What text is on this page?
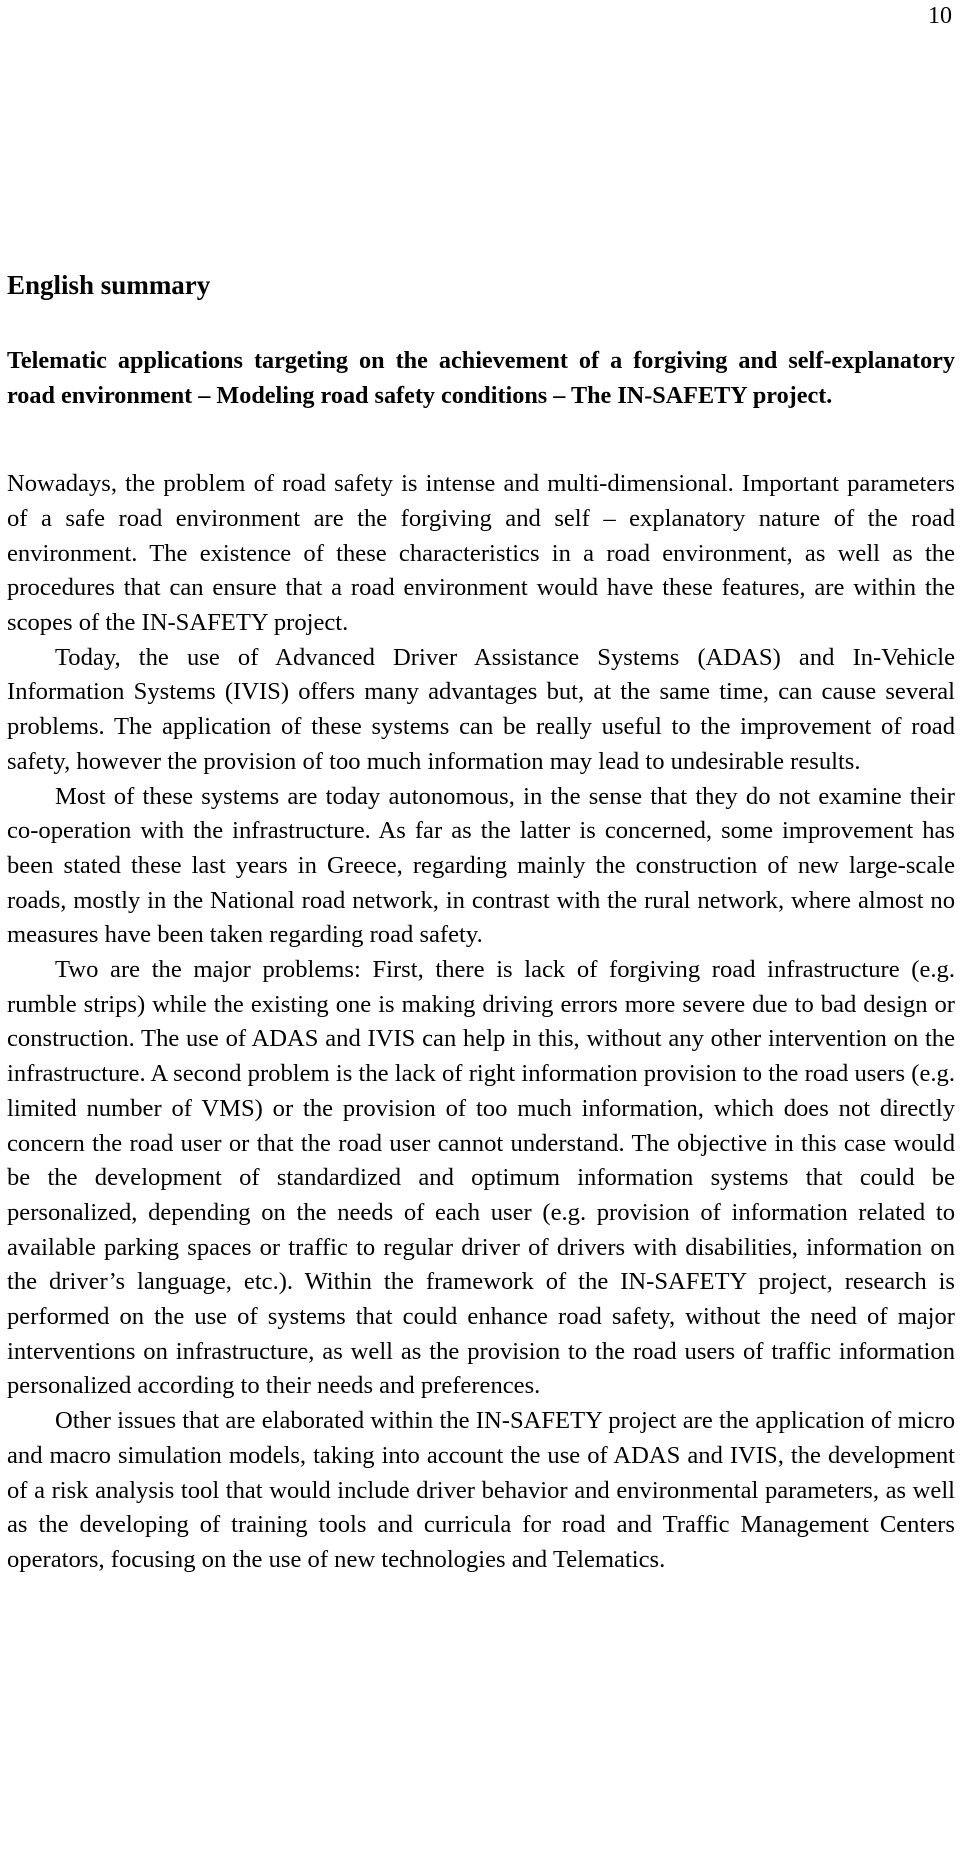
10
English summary
Telematic applications targeting on the achievement of a forgiving and self-explanatory road environment – Modeling road safety conditions – The IN-SAFETY project.

Nowadays, the problem of road safety is intense and multi-dimensional. Important parameters of a safe road environment are the forgiving and self – explanatory nature of the road environment. The existence of these characteristics in a road environment, as well as the procedures that can ensure that a road environment would have these features, are within the scopes of the IN-SAFETY project.

Today, the use of Advanced Driver Assistance Systems (ADAS) and In-Vehicle Information Systems (IVIS) offers many advantages but, at the same time, can cause several problems. The application of these systems can be really useful to the improvement of road safety, however the provision of too much information may lead to undesirable results.

Most of these systems are today autonomous, in the sense that they do not examine their co-operation with the infrastructure. As far as the latter is concerned, some improvement has been stated these last years in Greece, regarding mainly the construction of new large-scale roads, mostly in the National road network, in contrast with the rural network, where almost no measures have been taken regarding road safety.

Two are the major problems: First, there is lack of forgiving road infrastructure (e.g. rumble strips) while the existing one is making driving errors more severe due to bad design or construction. The use of ADAS and IVIS can help in this, without any other intervention on the infrastructure. A second problem is the lack of right information provision to the road users (e.g. limited number of VMS) or the provision of too much information, which does not directly concern the road user or that the road user cannot understand. The objective in this case would be the development of standardized and optimum information systems that could be personalized, depending on the needs of each user (e.g. provision of information related to available parking spaces or traffic to regular driver of drivers with disabilities, information on the driver’s language, etc.). Within the framework of the IN-SAFETY project, research is performed on the use of systems that could enhance road safety, without the need of major interventions on infrastructure, as well as the provision to the road users of traffic information personalized according to their needs and preferences.

Other issues that are elaborated within the IN-SAFETY project are the application of micro and macro simulation models, taking into account the use of ADAS and IVIS, the development of a risk analysis tool that would include driver behavior and environmental parameters, as well as the developing of training tools and curricula for road and Traffic Management Centers operators, focusing on the use of new technologies and Telematics.
